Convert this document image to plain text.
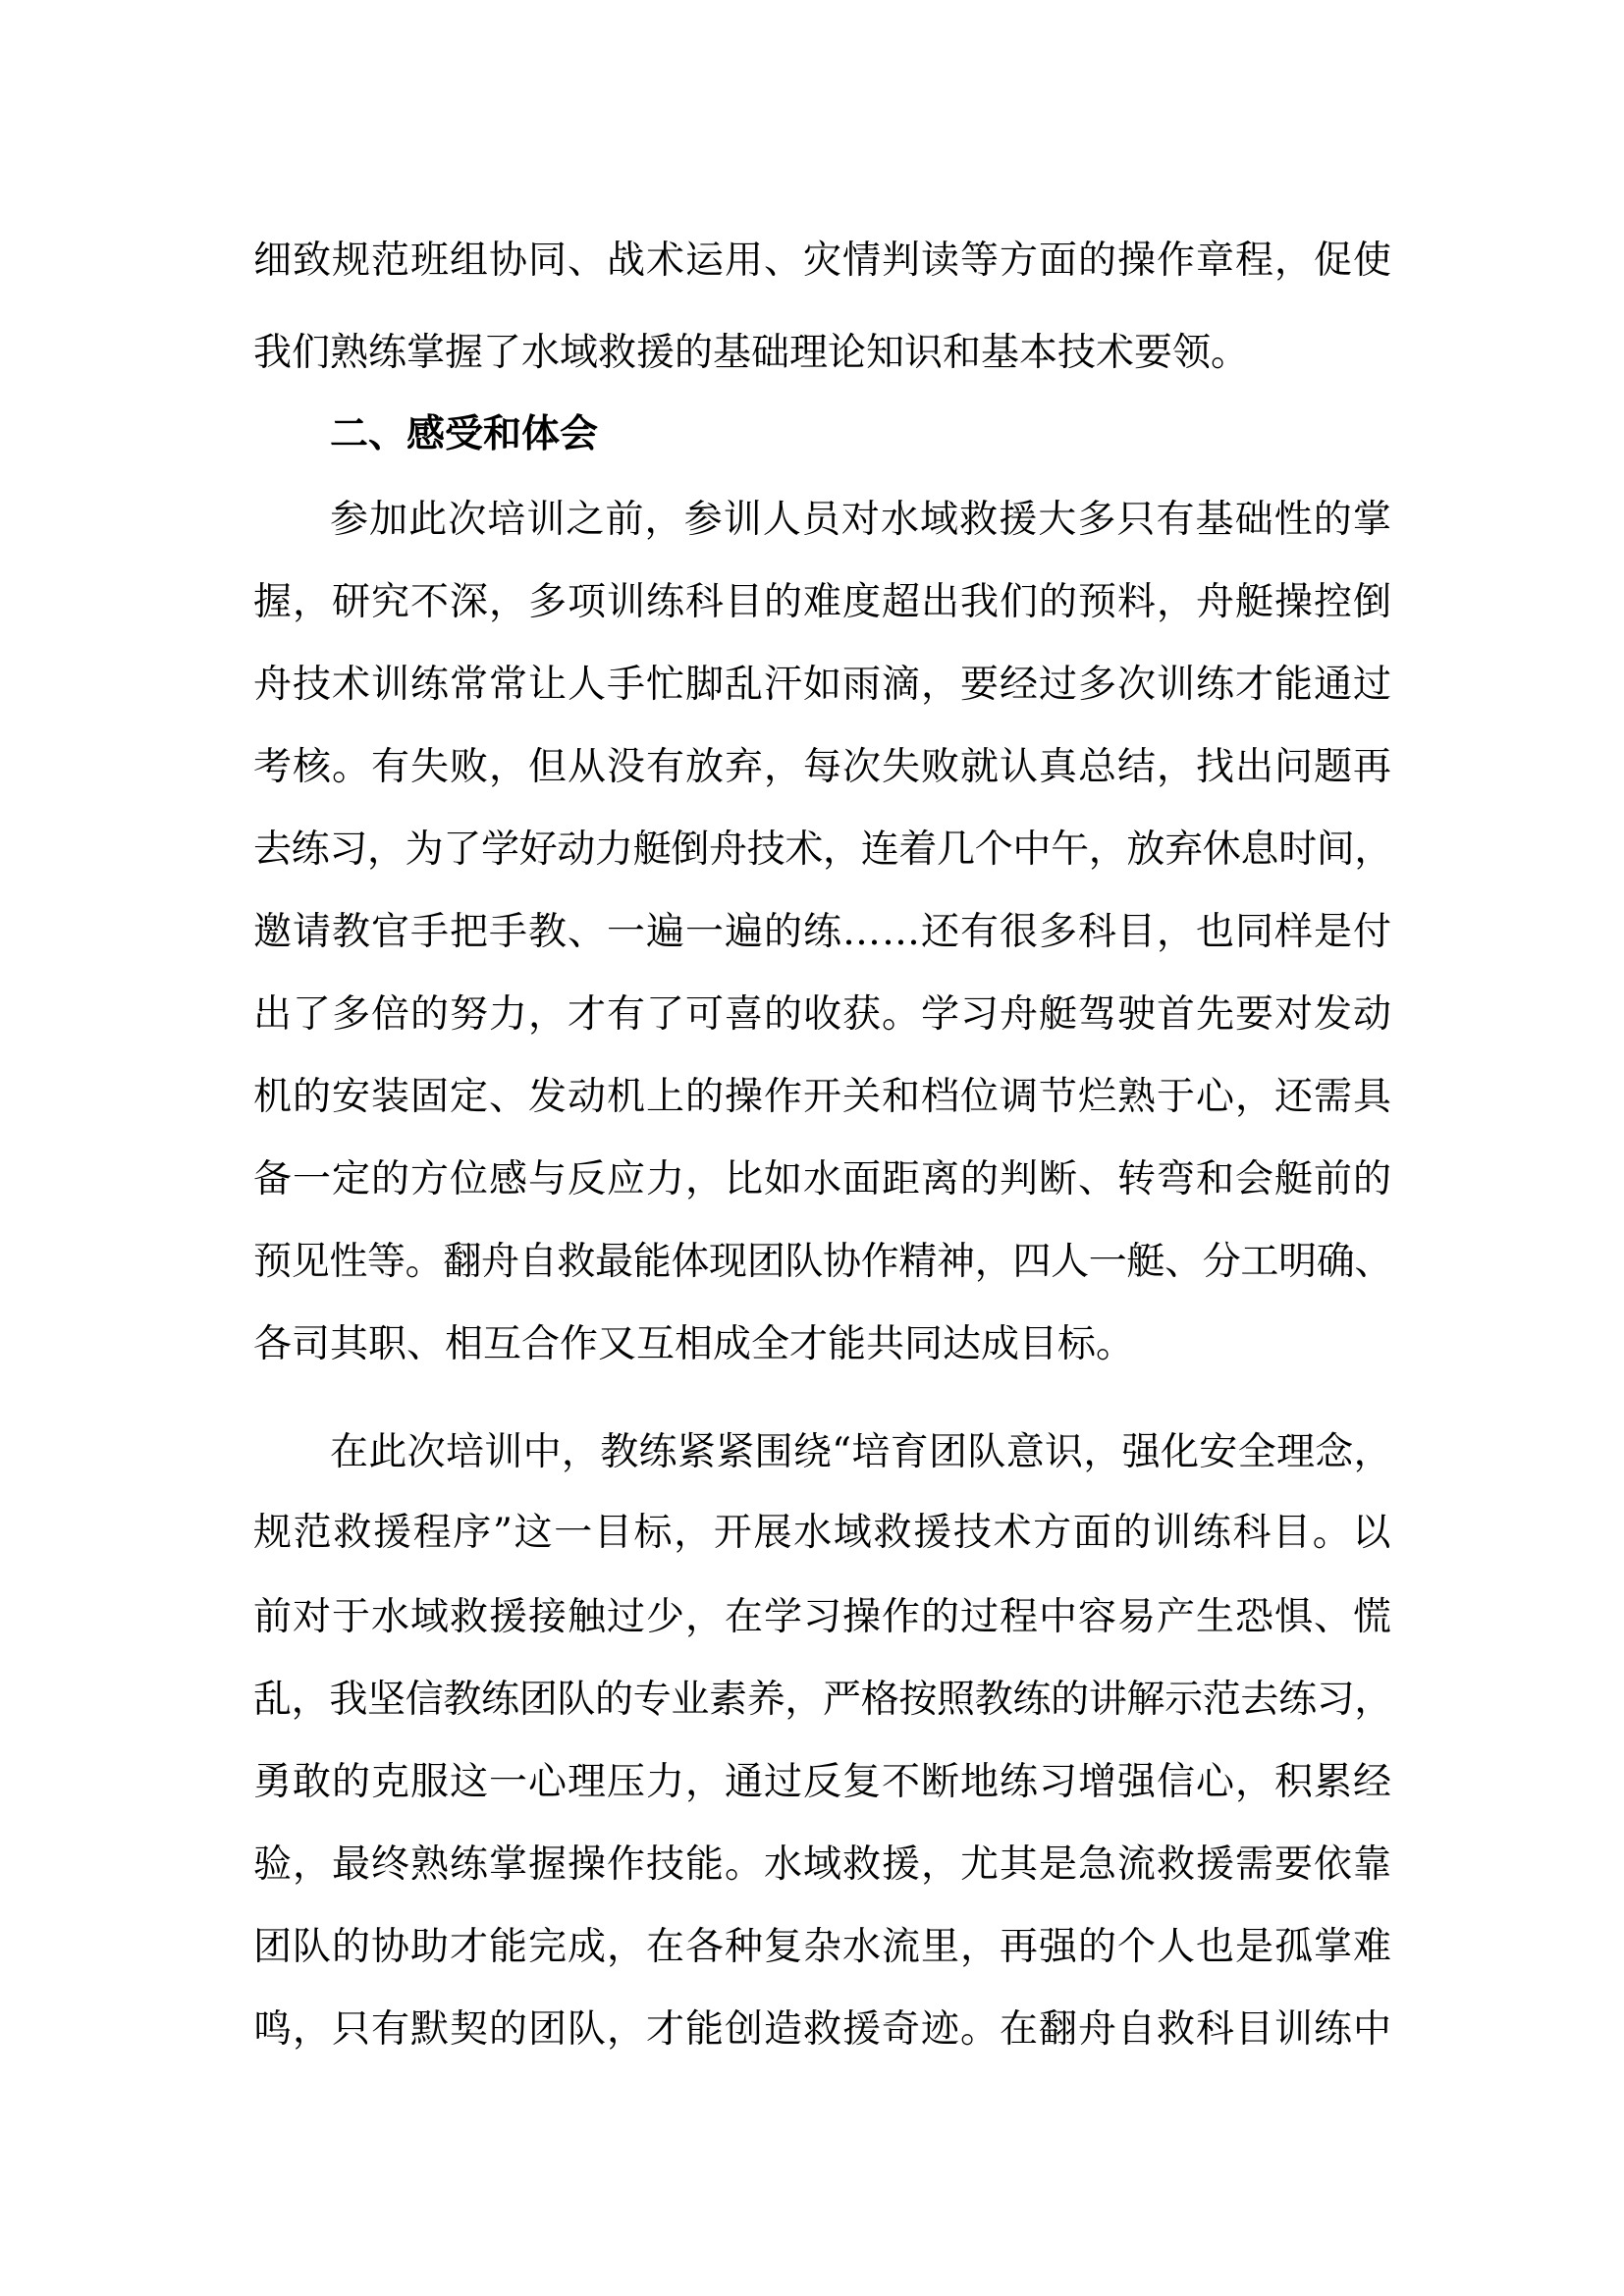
细致规范班组协同、战术运用、灾情判读等方面的操作章程，促使
我们熟练掌握了水域救援的基础理论知识和基本技术要领。
二、感受和体会
参加此次培训之前，参训人员对水域救援大多只有基础性的掌
握，研究不深，多项训练科目的难度超出我们的预料，舟艇操控倒
舟技术训练常常让人手忙脚乱汗如雨滴，要经过多次训练才能通过
考核。有失败，但从没有放弃，每次失败就认真总结，找出问题再
去练习，为了学好动力艇倒舟技术，连着几个中午，放弃休息时间，
邀请教官手把手教、一遍一遍的练……还有很多科目，也同样是付
出了多倍的努力，才有了可喜的收获。学习舟艇驾驶首先要对发动
机的安装固定、发动机上的操作开关和档位调节烂熟于心，还需具
备一定的方位感与反应力，比如水面距离的判断、转弯和会艇前的
预见性等。翻舟自救最能体现团队协作精神，四人一艇、分工明确、
各司其职、相互合作又互相成全才能共同达成目标。
在此次培训中，教练紧紧围绕“培育团队意识，强化安全理念，
规范救援程序”这一目标，开展水域救援技术方面的训练科目。以
前对于水域救援接触过少，在学习操作的过程中容易产生恐惧、慌
乱，我坚信教练团队的专业素养，严格按照教练的讲解示范去练习，
勇敢的克服这一心理压力，通过反复不断地练习增强信心，积累经
验，最终熟练掌握操作技能。水域救援，尤其是急流救援需要依靠
团队的协助才能完成，在各种复杂水流里，再强的个人也是孤掌难
鸣，只有默契的团队，才能创造救援奇迹。在翻舟自救科目训练中
